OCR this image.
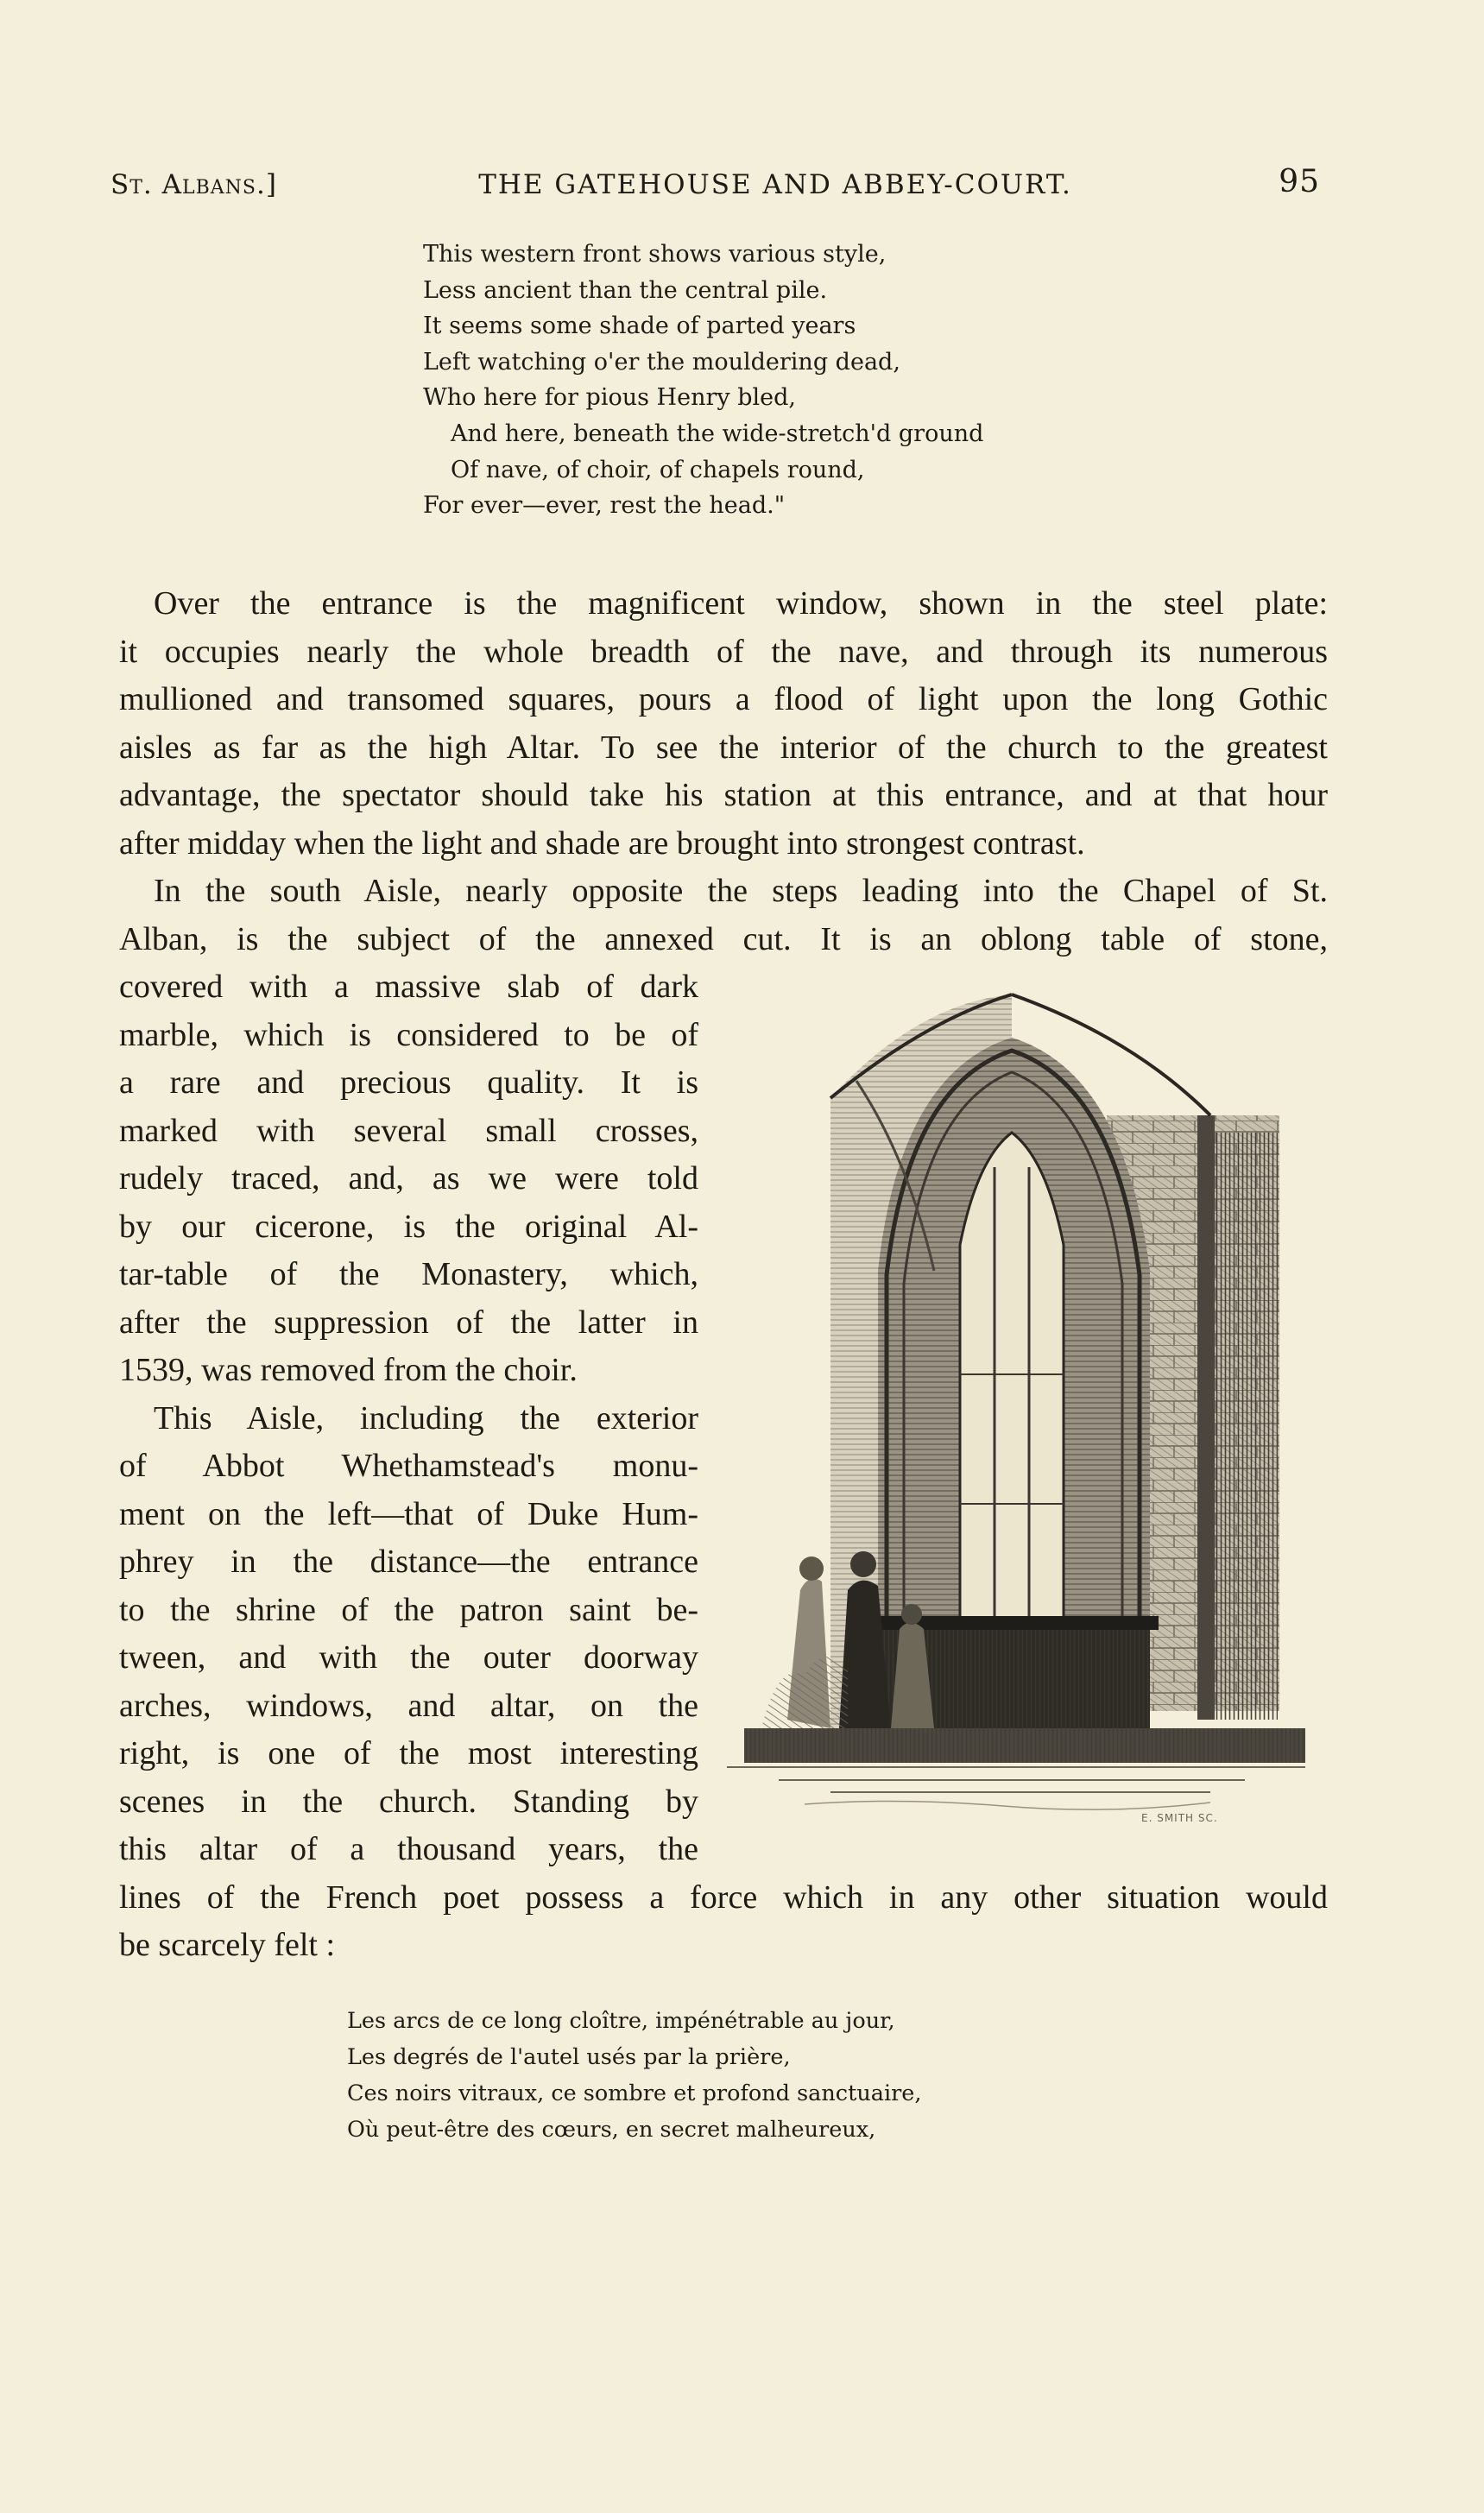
St. Albans.]	THE GATEHOUSE AND ABBEY-COURT.	95
This western front shows various style,
Less ancient than the central pile.
It seems some shade of parted years
Left watching o'er the mouldering dead,
Who here for pious Henry bled,
And here, beneath the wide-stretch'd ground
Of nave, of choir, of chapels round,
For ever—ever, rest the head."
Over the entrance is the magnificent window, shown in the steel plate:
it occupies nearly the whole breadth of the nave, and through its numerous
mullioned and transomed squares, pours a flood of light upon the long Gothic
aisles as far as the high Altar. To see the interior of the church to the greatest
advantage, the spectator should take his station at this entrance, and at that hour
after midday when the light and shade are brought into strongest contrast.
In the south Aisle, nearly opposite the steps leading into the Chapel of St.
Alban, is the subject of the annexed cut. It is an oblong table of stone,
covered with a massive slab of dark
marble, which is considered to be of
a rare and precious quality. It is
marked with several small crosses,
rudely traced, and, as we were told
by our cicerone, is the original Al-
tar-table of the Monastery, which,
after the suppression of the latter in
1539, was removed from the choir.
This Aisle, including the exterior
of Abbot Whethamstead's monu-
ment on the left—that of Duke Hum-
phrey in the distance—the entrance
to the shrine of the patron saint be-
tween, and with the outer doorway
arches, windows, and altar, on the
right, is one of the most interesting
scenes in the church. Standing by
this altar of a thousand years, the
lines of the French poet possess a force which in any other situation would
be scarcely felt :
E. SMITH SC.
Les arcs de ce long cloître, impénétrable au jour,
Les degrés de l'autel usés par la prière,
Ces noirs vitraux, ce sombre et profond sanctuaire,
Où peut-être des cœurs, en secret malheureux,
